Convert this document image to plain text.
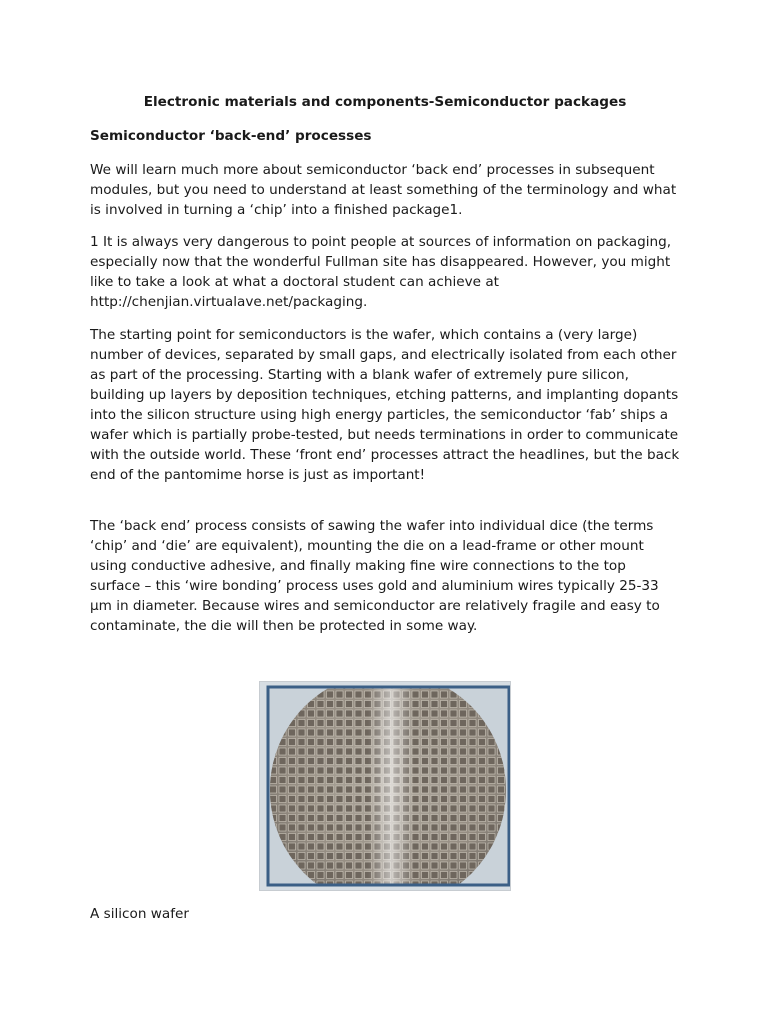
Electronic materials and components-Semiconductor packages
Semiconductor ‘back-end’ processes

We will learn much more about semiconductor ‘back end’ processes in subsequent modules, but you need to understand at least something of the terminology and what is involved in turning a ‘chip’ into a finished package1.

1 It is always very dangerous to point people at sources of information on packaging, especially now that the wonderful Fullman site has disappeared. However, you might like to take a look at what a doctoral student can achieve at http://chenjian.virtualave.net/packaging.

The starting point for semiconductors is the wafer, which contains a (very large) number of devices, separated by small gaps, and electrically isolated from each other as part of the processing. Starting with a blank wafer of extremely pure silicon, building up layers by deposition techniques, etching patterns, and implanting dopants into the silicon structure using high energy particles, the semiconductor ‘fab’ ships a wafer which is partially probe-tested, but needs terminations in order to communicate with the outside world. These ‘front end’ processes attract the headlines, but the back end of the pantomime horse is just as important!

The ‘back end’ process consists of sawing the wafer into individual dice (the terms ‘chip’ and ‘die’ are equivalent), mounting the die on a lead-frame or other mount using conductive adhesive, and finally making fine wire connections to the top surface – this ‘wire bonding’ process uses gold and aluminium wires typically 25-33 µm in diameter. Because wires and semiconductor are relatively fragile and easy to contaminate, the die will then be protected in some way.

A silicon wafer
